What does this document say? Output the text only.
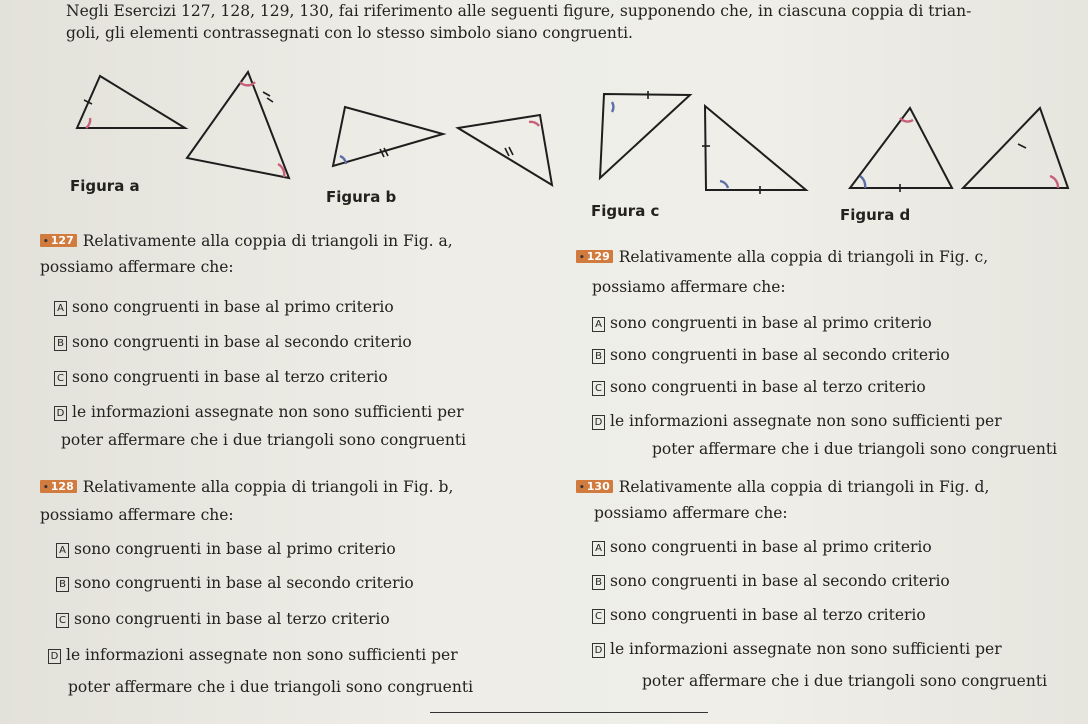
Negli Esercizi 127, 128, 129, 130, fai riferimento alle seguenti figure, supponendo che, in ciascuna coppia di trian-
goli, gli elementi contrassegnati con lo stesso simbolo siano congruenti.
Figura a
Figura b
Figura c	Figura d
• 127 Relativamente alla coppia di triangoli in Fig. a,
possiamo affermare che:
A sono congruenti in base al primo criterio
B sono congruenti in base al secondo criterio
C sono congruenti in base al terzo criterio
D le informazioni assegnate non sono sufficienti per
poter affermare che i due triangoli sono congruenti
• 128 Relativamente alla coppia di triangoli in Fig. b,
possiamo affermare che:
A sono congruenti in base al primo criterio
B sono congruenti in base al secondo criterio
C sono congruenti in base al terzo criterio
D le informazioni assegnate non sono sufficienti per
poter affermare che i due triangoli sono congruenti
• 129 Relativamente alla coppia di triangoli in Fig. c,
possiamo affermare che:
A sono congruenti in base al primo criterio
B sono congruenti in base al secondo criterio
C sono congruenti in base al terzo criterio
D le informazioni assegnate non sono sufficienti per
poter affermare che i due triangoli sono congruenti
• 130 Relativamente alla coppia di triangoli in Fig. d,
possiamo affermare che:
A sono congruenti in base al primo criterio
B sono congruenti in base al secondo criterio
C sono congruenti in base al terzo criterio
D le informazioni assegnate non sono sufficienti per
poter affermare che i due triangoli sono congruenti
